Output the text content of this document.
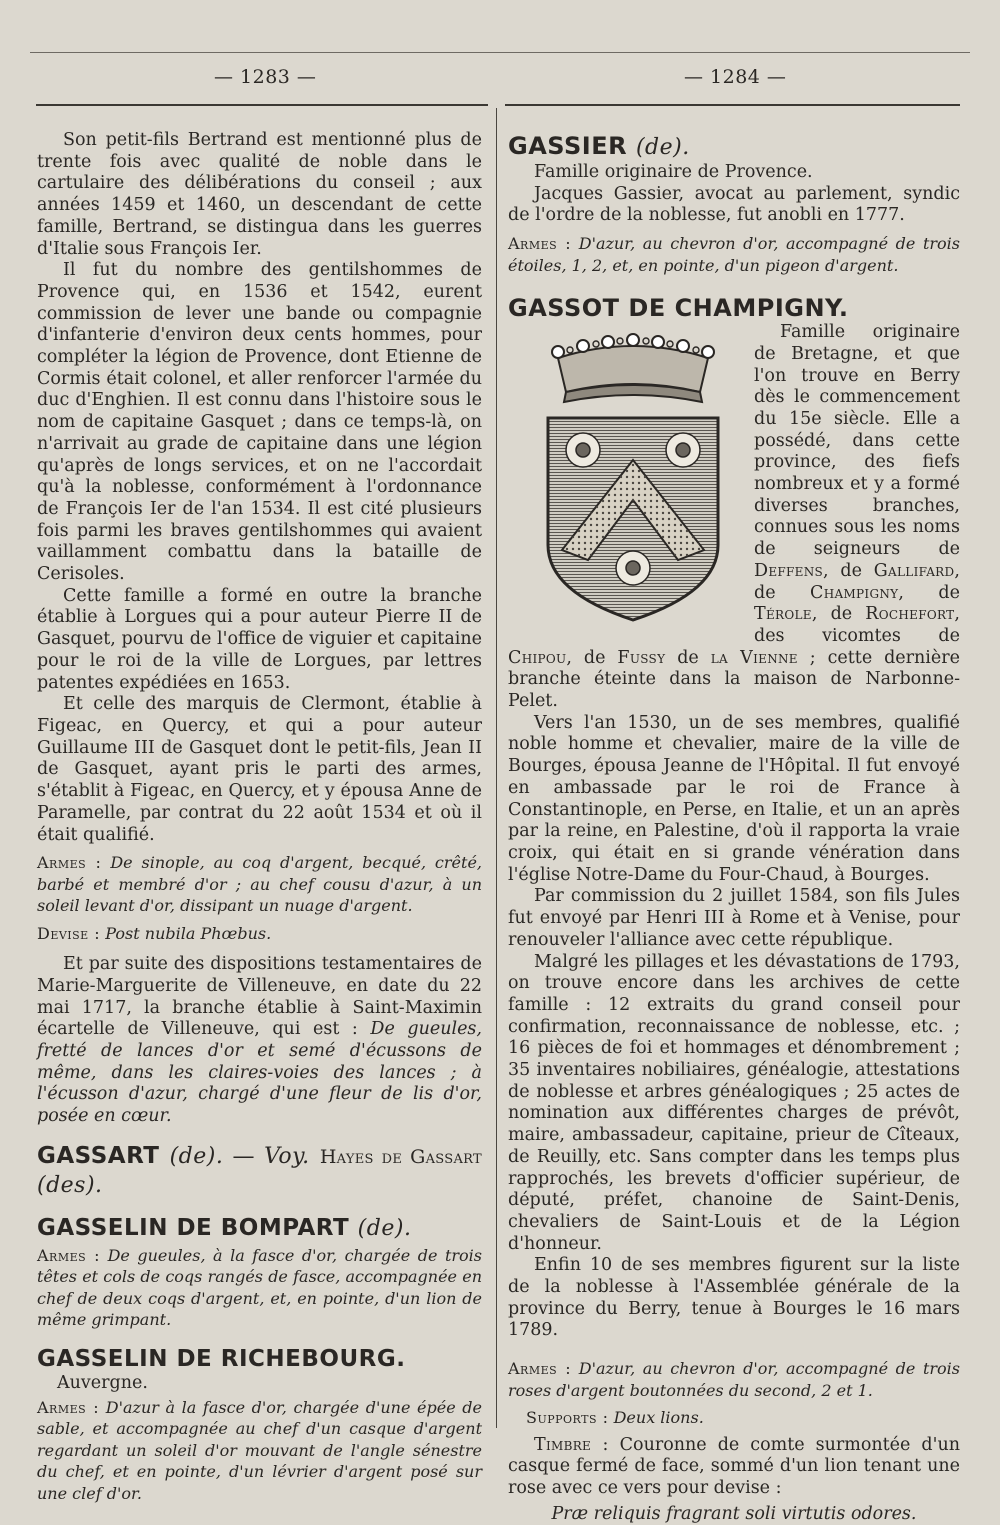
— 1283 —	— 1284 —

Son petit-fils Bertrand est mentionné plus de trente fois avec qualité de noble dans le cartulaire des délibérations du conseil ; aux années 1459 et 1460, un descendant de cette famille, Bertrand, se distingua dans les guerres d'Italie sous François Ier.

Il fut du nombre des gentilshommes de Provence qui, en 1536 et 1542, eurent commission de lever une bande ou compagnie d'infanterie d'environ deux cents hommes, pour compléter la légion de Provence, dont Etienne de Cormis était colonel, et aller renforcer l'armée du duc d'Enghien. Il est connu dans l'histoire sous le nom de capitaine Gasquet ; dans ce temps-là, on n'arrivait au grade de capitaine dans une légion qu'après de longs services, et on ne l'accordait qu'à la noblesse, conformément à l'ordonnance de François Ier de l'an 1534. Il est cité plusieurs fois parmi les braves gentilshommes qui avaient vaillamment combattu dans la bataille de Cerisoles.

Cette famille a formé en outre la branche établie à Lorgues qui a pour auteur Pierre II de Gasquet, pourvu de l'office de viguier et capitaine pour le roi de la ville de Lorgues, par lettres patentes expédiées en 1653.

Et celle des marquis de Clermont, établie à Figeac, en Quercy, et qui a pour auteur Guillaume III de Gasquet dont le petit-fils, Jean II de Gasquet, ayant pris le parti des armes, s'établit à Figeac, en Quercy, et y épousa Anne de Paramelle, par contrat du 22 août 1534 et où il était qualifié.

Armes : De sinople, au coq d'argent, becqué, crêté, barbé et membré d'or ; au chef cousu d'azur, à un soleil levant d'or, dissipant un nuage d'argent.

Devise : Post nubila Phœbus.

Et par suite des dispositions testamentaires de Marie-Marguerite de Villeneuve, en date du 22 mai 1717, la branche établie à Saint-Maximin écartelle de Villeneuve, qui est : De gueules, fretté de lances d'or et semé d'écussons de même, dans les claires-voies des lances ; à l'écusson d'azur, chargé d'une fleur de lis d'or, posée en cœur.

GASSART (de). — Voy. Hayes de Gassart (des).
GASSELIN DE BOMPART (de).

Armes : De gueules, à la fasce d'or, chargée de trois têtes et cols de coqs rangés de fasce, accompagnée en chef de deux coqs d'argent, et, en pointe, d'un lion de même grimpant.

GASSELIN DE RICHEBOURG.

Auvergne.

Armes : D'azur à la fasce d'or, chargée d'une épée de sable, et accompagnée au chef d'un casque d'argent regardant un soleil d'or mouvant de l'angle sénestre du chef, et en pointe, d'un lévrier d'argent posé sur une clef d'or.

GASSIER (de).

Famille originaire de Provence.

Jacques Gassier, avocat au parlement, syndic de l'ordre de la noblesse, fut anobli en 1777.

Armes : D'azur, au chevron d'or, accompagné de trois étoiles, 1, 2, et, en pointe, d'un pigeon d'argent.

GASSOT DE CHAMPIGNY.

Famille originaire de Bretagne, et que l'on trouve en Berry dès le commencement du 15e siècle. Elle a possédé, dans cette province, des fiefs nombreux et y a formé diverses branches, connues sous les noms de seigneurs de Deffens, de Gallifard, de Champigny, de Térole, de Rochefort, des vicomtes de Chipou, de Fussy de la Vienne ; cette dernière branche éteinte dans la maison de Narbonne-Pelet.

Vers l'an 1530, un de ses membres, qualifié noble homme et chevalier, maire de la ville de Bourges, épousa Jeanne de l'Hôpital. Il fut envoyé en ambassade par le roi de France à Constantinople, en Perse, en Italie, et un an après par la reine, en Palestine, d'où il rapporta la vraie croix, qui était en si grande vénération dans l'église Notre-Dame du Four-Chaud, à Bourges.

Par commission du 2 juillet 1584, son fils Jules fut envoyé par Henri III à Rome et à Venise, pour renouveler l'alliance avec cette république.

Malgré les pillages et les dévastations de 1793, on trouve encore dans les archives de cette famille : 12 extraits du grand conseil pour confirmation, reconnaissance de noblesse, etc. ; 16 pièces de foi et hommages et dénombrement ; 35 inventaires nobiliaires, généalogie, attestations de noblesse et arbres généalogiques ; 25 actes de nomination aux différentes charges de prévôt, maire, ambassadeur, capitaine, prieur de Cîteaux, de Reuilly, etc. Sans compter dans les temps plus rapprochés, les brevets d'officier supérieur, de député, préfet, chanoine de Saint-Denis, chevaliers de Saint-Louis et de la Légion d'honneur.

Enfin 10 de ses membres figurent sur la liste de la noblesse à l'Assemblée générale de la province du Berry, tenue à Bourges le 16 mars 1789.

Armes : D'azur, au chevron d'or, accompagné de trois roses d'argent boutonnées du second, 2 et 1.

Supports : Deux lions.

Timbre : Couronne de comte surmontée d'un casque fermé de face, sommé d'un lion tenant une rose avec ce vers pour devise :

Præ reliquis fragrant soli virtutis odores.
